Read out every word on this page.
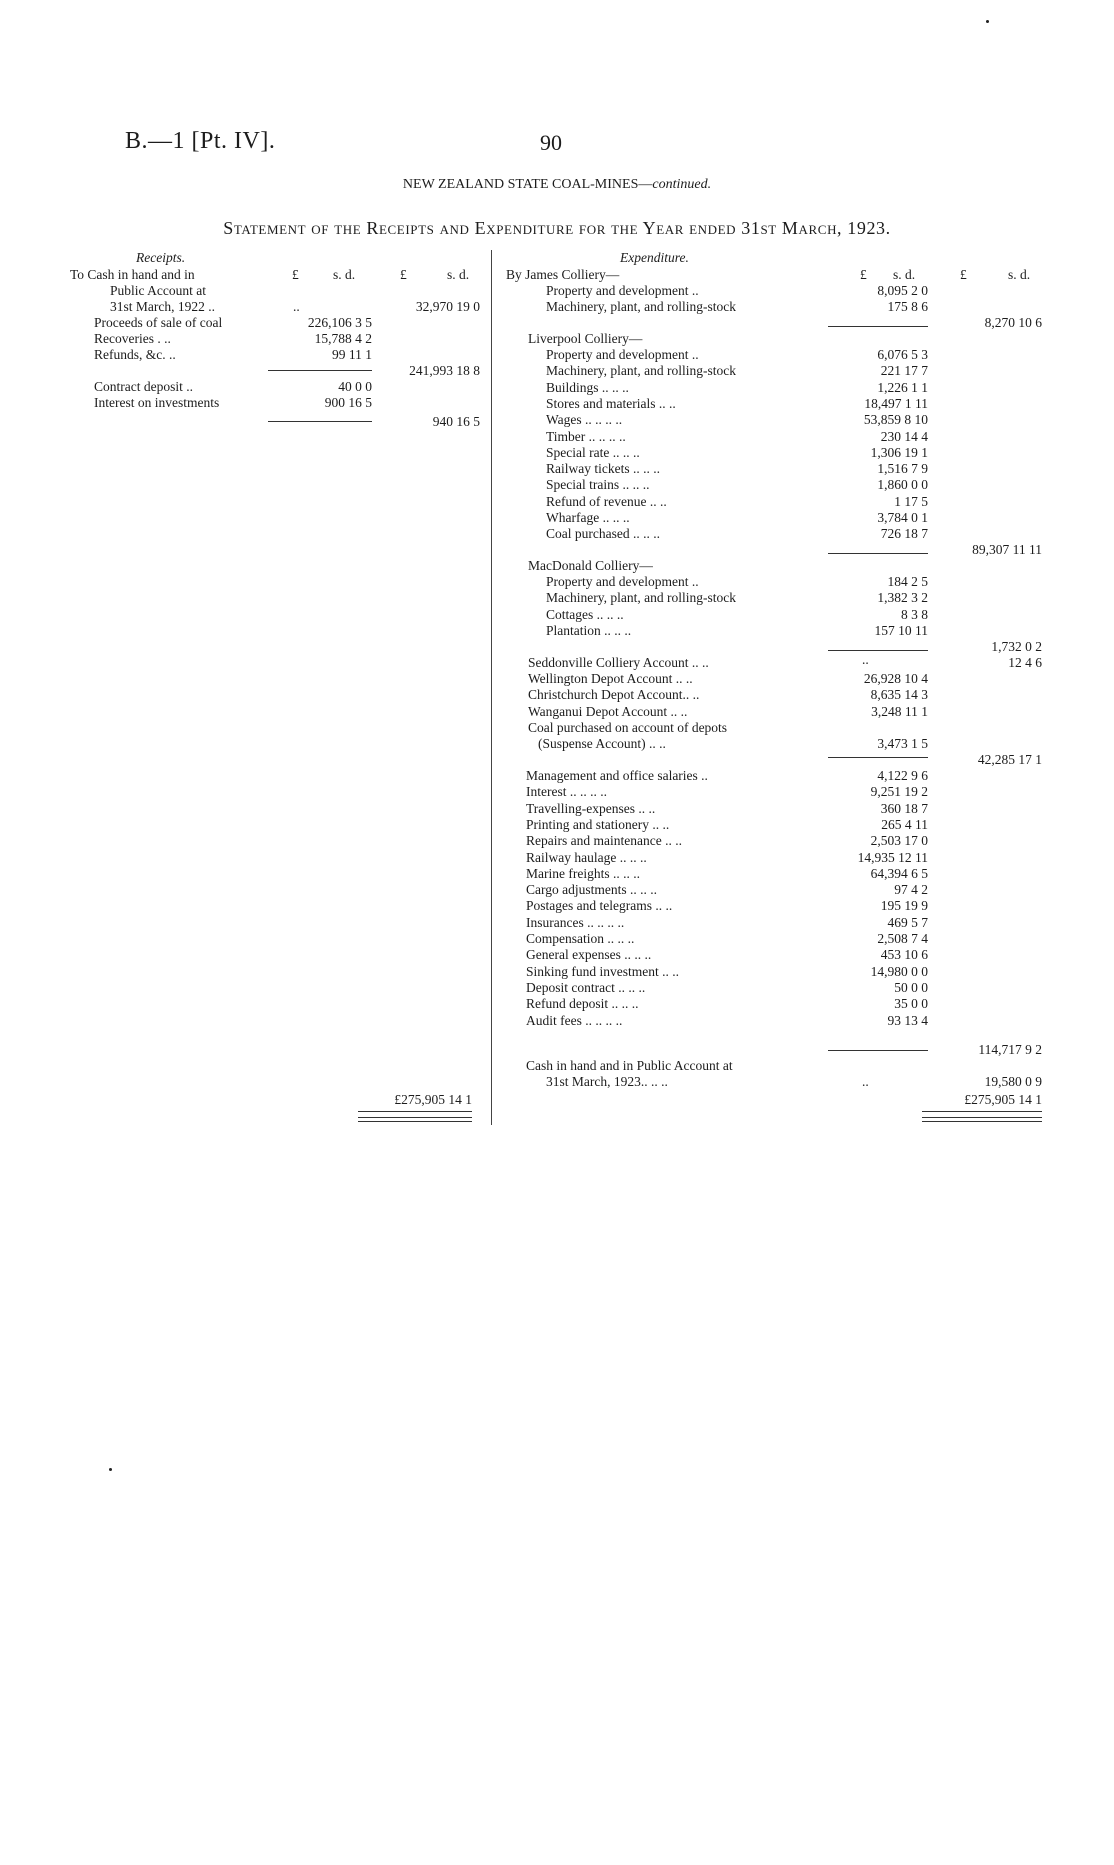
B.—1 [Pt. IV].	90
NEW ZEALAND STATE COAL-MINES—continued.
Statement of the Receipts and Expenditure for the Year ended 31st March, 1923.
Receipts.
£	s. d.	£	s. d.
To Cash in hand and in
Public Account at
31st March, 1922 ..	..	32,970 19 0
Proceeds of sale of coal	226,106 3 5
Recoveries . ..	15,788 4 2
Refunds, &c. ..	99 11 1
241,993 18 8
Contract deposit ..	40 0 0
Interest on investments	900 16 5
940 16 5
£275,905 14 1
Expenditure.
£ s. d.	£	s. d.
By James Colliery—
Property and development ..	8,095 2 0
Machinery, plant, and rolling-stock	175 8 6
8,270 10 6
Liverpool Colliery—
Property and development ..	6,076 5 3
Machinery, plant, and rolling-stock	221 17 7
Buildings .. .. ..	1,226 1 1
Stores and materials .. ..	18,497 1 11
Wages .. .. .. ..	53,859 8 10
Timber .. .. .. ..	230 14 4
Special rate .. .. ..	1,306 19 1
Railway tickets .. .. ..	1,516 7 9
Special trains .. .. ..	1,860 0 0
Refund of revenue .. ..	1 17 5
Wharfage .. .. ..	3,784 0 1
Coal purchased .. .. ..	726 18 7
89,307 11 11
MacDonald Colliery—
Property and development ..	184 2 5
Machinery, plant, and rolling-stock	1,382 3 2
Cottages .. .. ..	8 3 8
Plantation .. .. ..	157 10 11
1,732 0 2
Seddonville Colliery Account .. ..	..	12 4 6
Wellington Depot Account .. ..	26,928 10 4
Christchurch Depot Account.. ..	8,635 14 3
Wanganui Depot Account .. ..	3,248 11 1
Coal purchased on account of depots
(Suspense Account) .. ..	3,473 1 5
42,285 17 1
Management and office salaries ..	4,122 9 6
Interest .. .. .. ..	9,251 19 2
Travelling-expenses .. ..	360 18 7
Printing and stationery .. ..	265 4 11
Repairs and maintenance .. ..	2,503 17 0
Railway haulage .. .. ..	14,935 12 11
Marine freights .. .. ..	64,394 6 5
Cargo adjustments .. .. ..	97 4 2
Postages and telegrams .. ..	195 19 9
Insurances .. .. .. ..	469 5 7
Compensation .. .. ..	2,508 7 4
General expenses .. .. ..	453 10 6
Sinking fund investment .. ..	14,980 0 0
Deposit contract .. .. ..	50 0 0
Refund deposit .. .. ..	35 0 0
Audit fees .. .. .. ..	93 13 4
114,717 9 2
Cash in hand and in Public Account at
31st March, 1923.. .. ..	..	19,580 0 9
£275,905 14 1
